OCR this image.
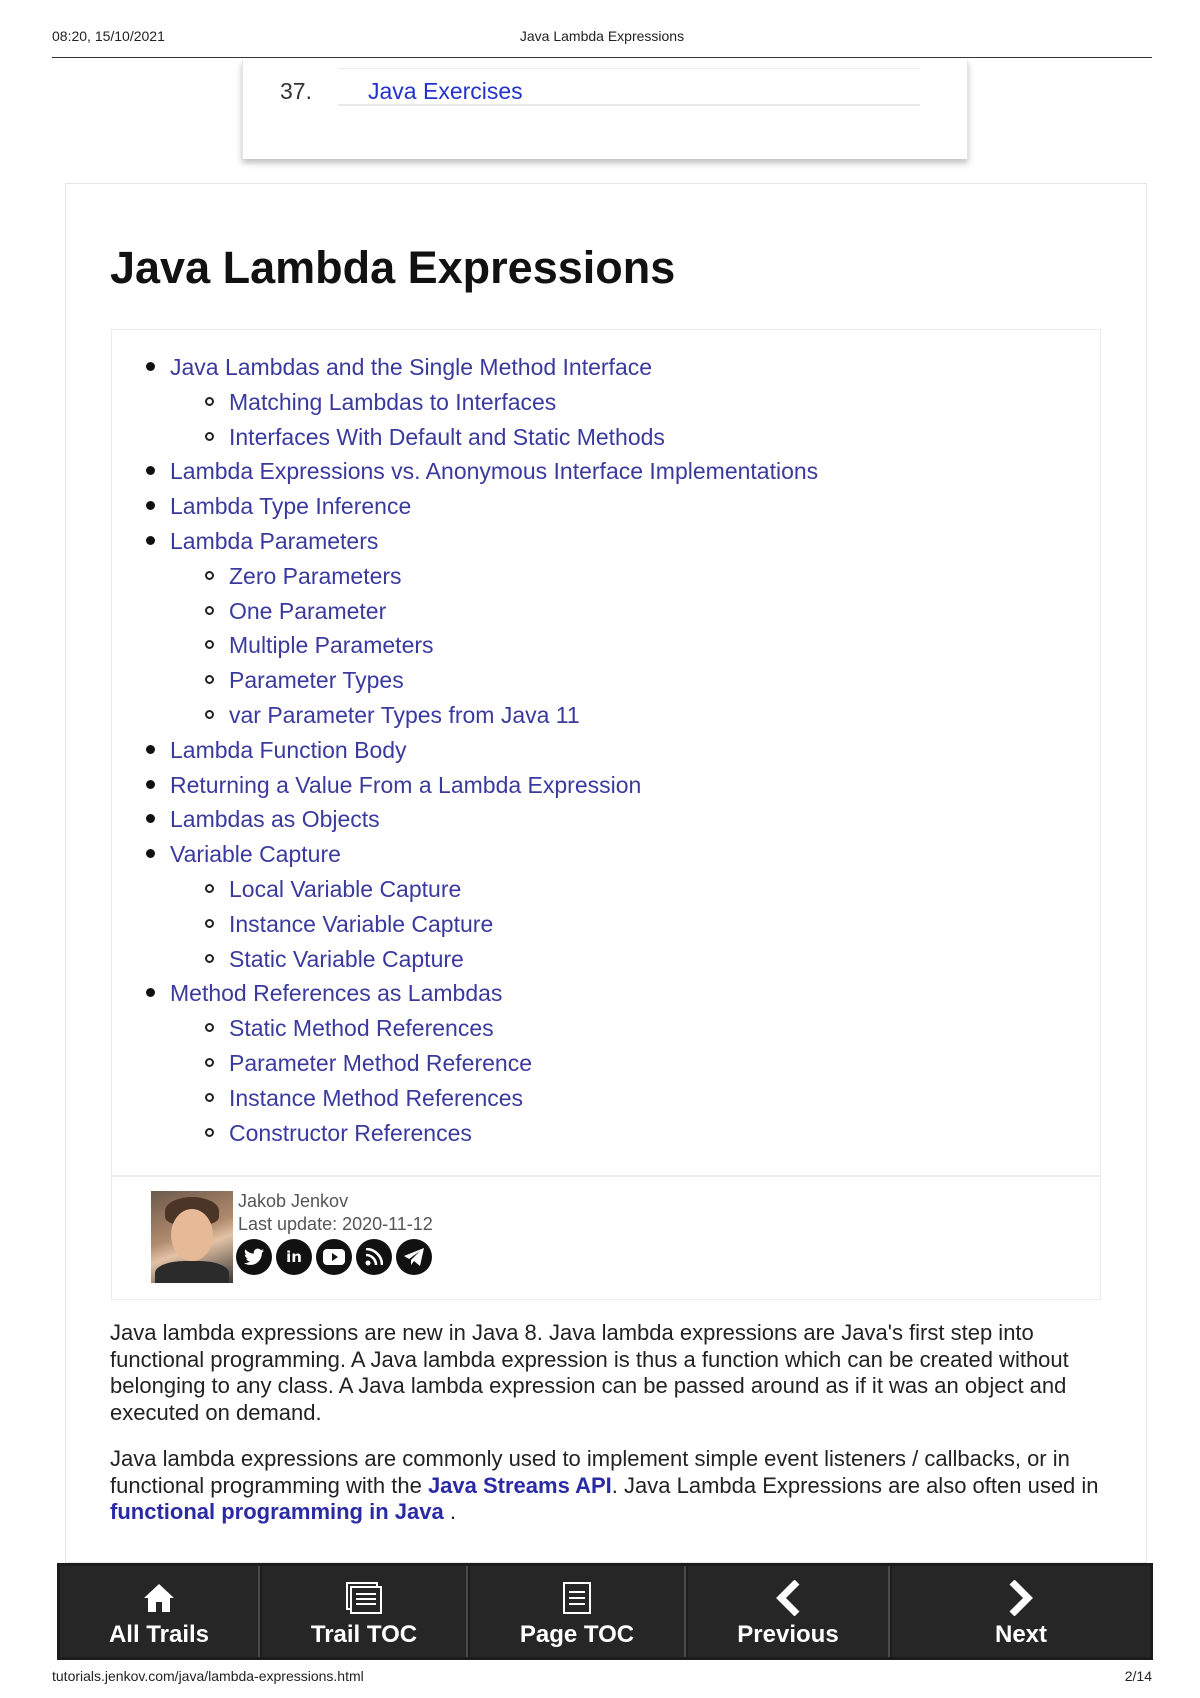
08:20, 15/10/2021	Java Lambda Expressions
37. Java Exercises
Java Lambda Expressions
Java Lambdas and the Single Method Interface
Matching Lambdas to Interfaces
Interfaces With Default and Static Methods
Lambda Expressions vs. Anonymous Interface Implementations
Lambda Type Inference
Lambda Parameters
Zero Parameters
One Parameter
Multiple Parameters
Parameter Types
var Parameter Types from Java 11
Lambda Function Body
Returning a Value From a Lambda Expression
Lambdas as Objects
Variable Capture
Local Variable Capture
Instance Variable Capture
Static Variable Capture
Method References as Lambdas
Static Method References
Parameter Method Reference
Instance Method References
Constructor References
Jakob Jenkov
Last update: 2020-11-12
in

Java lambda expressions are new in Java 8. Java lambda expressions are Java's first step into functional programming. A Java lambda expression is thus a function which can be created without belonging to any class. A Java lambda expression can be passed around as if it was an object and executed on demand.

Java lambda expressions are commonly used to implement simple event listeners / callbacks, or in functional programming with the Java Streams API. Java Lambda Expressions are also often used in functional programming in Java .

All Trails	Trail TOC	Page TOC	Previous	Next
tutorials.jenkov.com/java/lambda-expressions.html	2/14
